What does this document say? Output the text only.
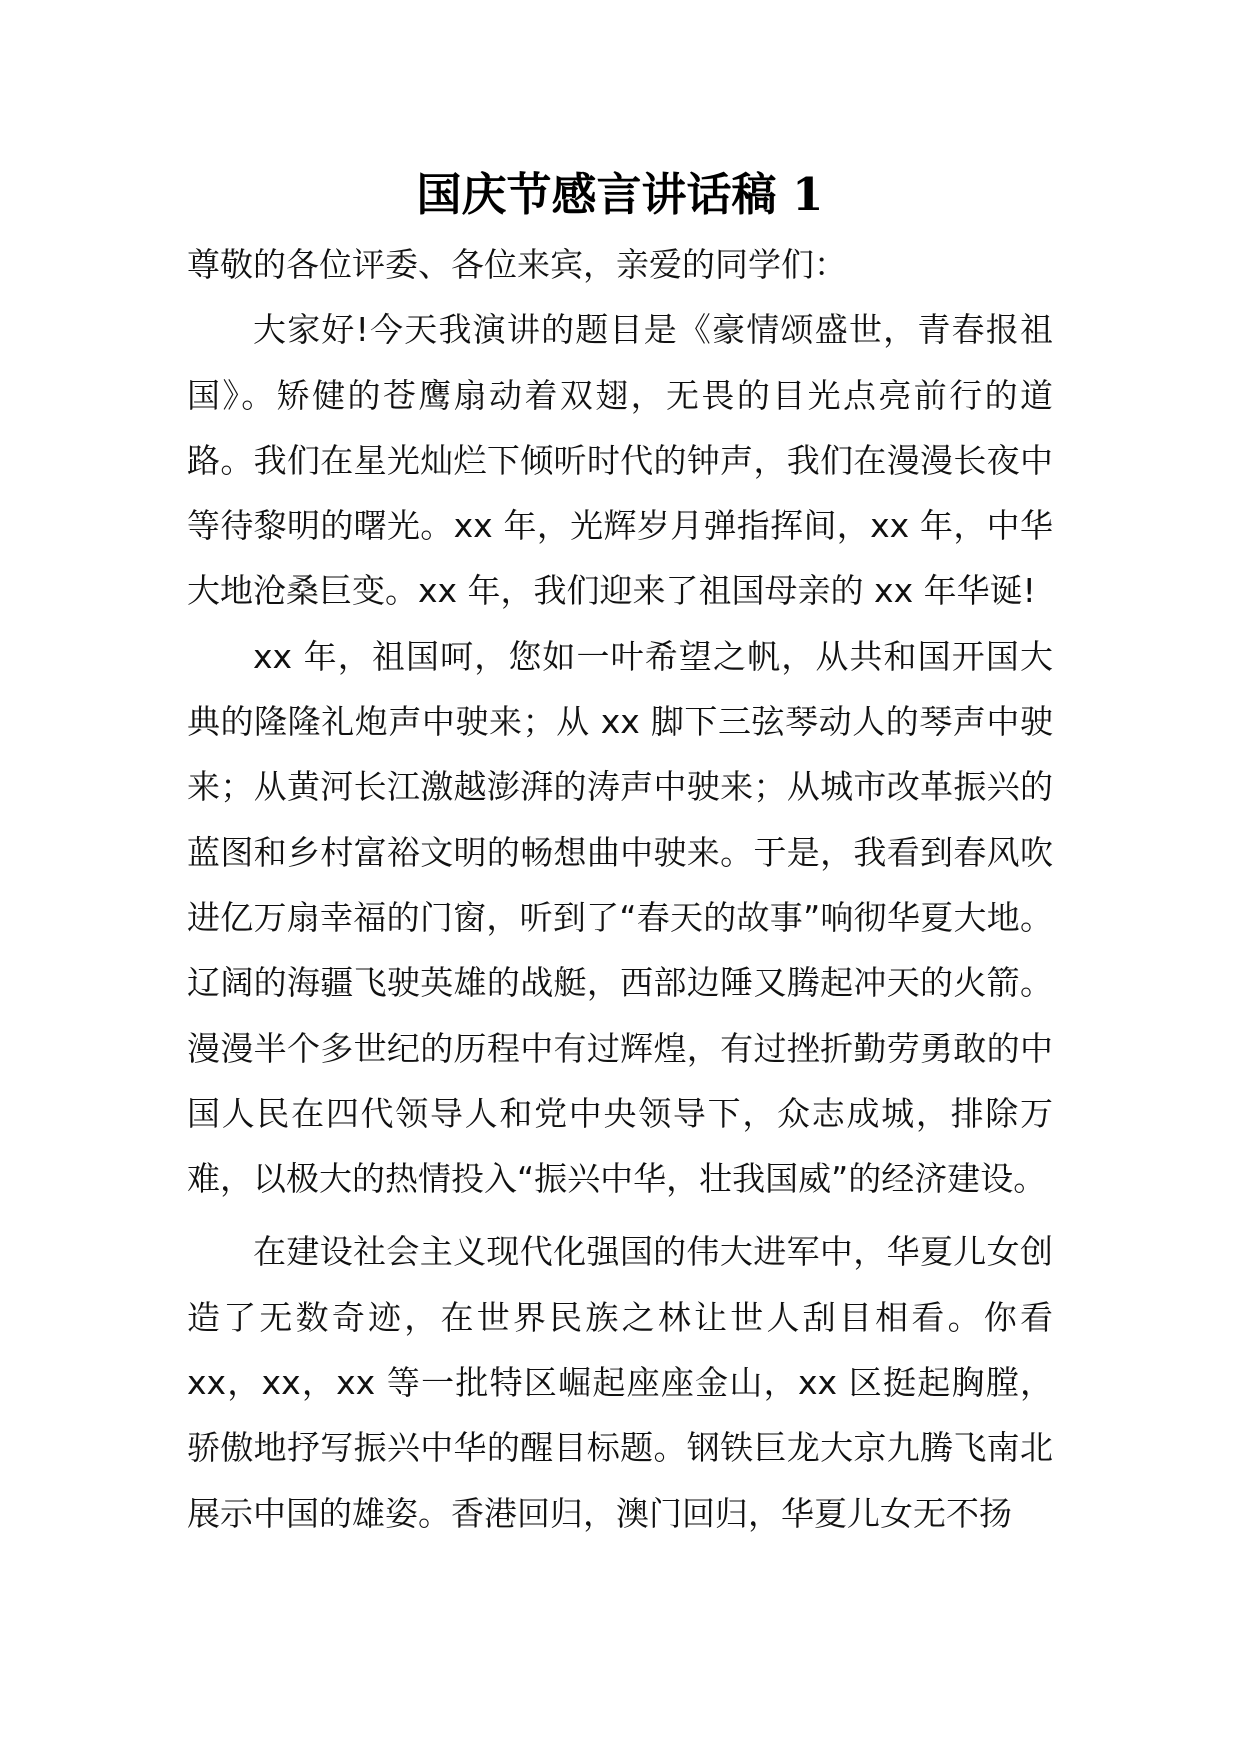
国庆节感言讲话稿 1

尊敬的各位评委、各位来宾，亲爱的同学们：

大家好!今天我演讲的题目是《豪情颂盛世，青春报祖国》。矫健的苍鹰扇动着双翅，无畏的目光点亮前行的道路。我们在星光灿烂下倾听时代的钟声，我们在漫漫长夜中等待黎明的曙光。xx 年，光辉岁月弹指挥间，xx 年，中华大地沧桑巨变。xx 年，我们迎来了祖国母亲的 xx 年华诞!

xx 年，祖国呵，您如一叶希望之帆，从共和国开国大典的隆隆礼炮声中驶来；从 xx 脚下三弦琴动人的琴声中驶来；从黄河长江激越澎湃的涛声中驶来；从城市改革振兴的蓝图和乡村富裕文明的畅想曲中驶来。于是，我看到春风吹进亿万扇幸福的门窗，听到了“春天的故事”响彻华夏大地。辽阔的海疆飞驶英雄的战艇，西部边陲又腾起冲天的火箭。漫漫半个多世纪的历程中有过辉煌，有过挫折勤劳勇敢的中国人民在四代领导人和党中央领导下，众志成城，排除万难，以极大的热情投入“振兴中华，壮我国威”的经济建设。

在建设社会主义现代化强国的伟大进军中，华夏儿女创造了无数奇迹，在世界民族之林让世人刮目相看。你看 xx，xx，xx 等一批特区崛起座座金山，xx 区挺起胸膛，骄傲地抒写振兴中华的醒目标题。钢铁巨龙大京九腾飞南北展示中国的雄姿。香港回归，澳门回归，华夏儿女无不扬
